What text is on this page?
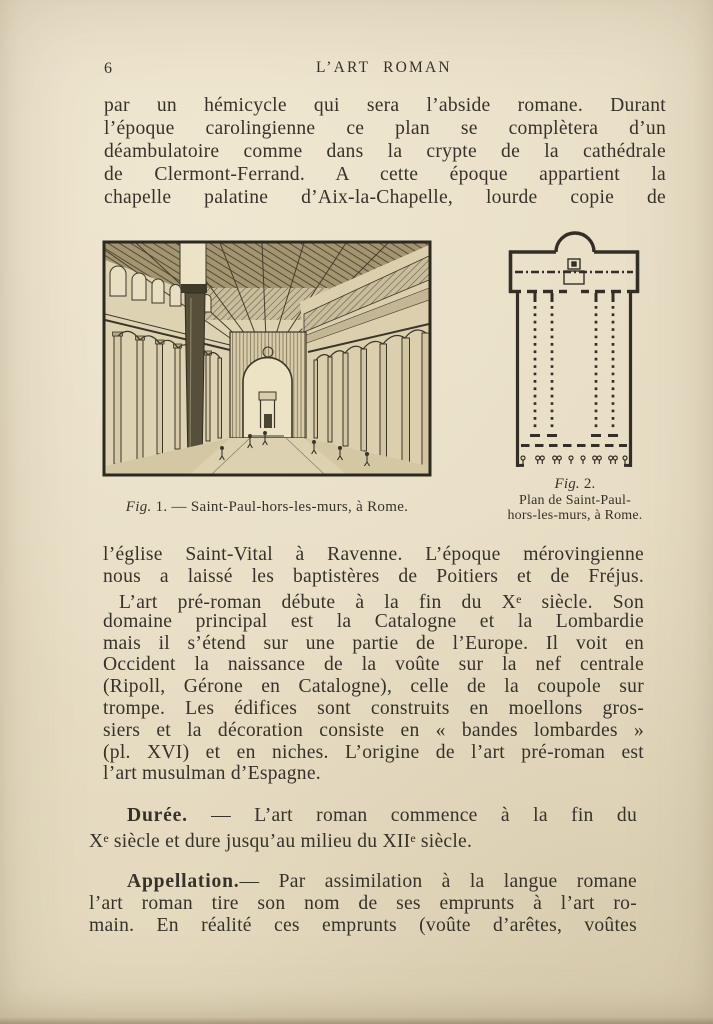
6	L’ART ROMAN
par un hémicycle qui sera l’abside romane. Durant
l’époque carolingienne ce plan se complètera d’un
déambulatoire comme dans la crypte de la cathédrale
de Clermont-Ferrand. A cette époque appartient la
chapelle palatine d’Aix-la-Chapelle, lourde copie de
Fig. 1. — Saint-Paul-hors-les-murs, à Rome.
Fig. 2.
Plan de Saint-Paul-
hors-les-murs, à Rome.
l’église Saint-Vital à Ravenne. L’époque mérovingienne
nous a laissé les baptistères de Poitiers et de Fréjus.
L’art pré-roman débute à la fin du Xe siècle. Son
domaine principal est la Catalogne et la Lombardie
mais il s’étend sur une partie de l’Europe. Il voit en
Occident la naissance de la voûte sur la nef centrale
(Ripoll, Gérone en Catalogne), celle de la coupole sur
trompe. Les édifices sont construits en moellons gros-
siers et la décoration consiste en « bandes lombardes »
(pl. XVI) et en niches. L’origine de l’art pré-roman est
l’art musulman d’Espagne.
Durée. — L’art roman commence à la fin du
Xe siècle et dure jusqu’au milieu du XIIe siècle.
Appellation.— Par assimilation à la langue romane
l’art roman tire son nom de ses emprunts à l’art ro-
main. En réalité ces emprunts (voûte d’arêtes, voûtes
